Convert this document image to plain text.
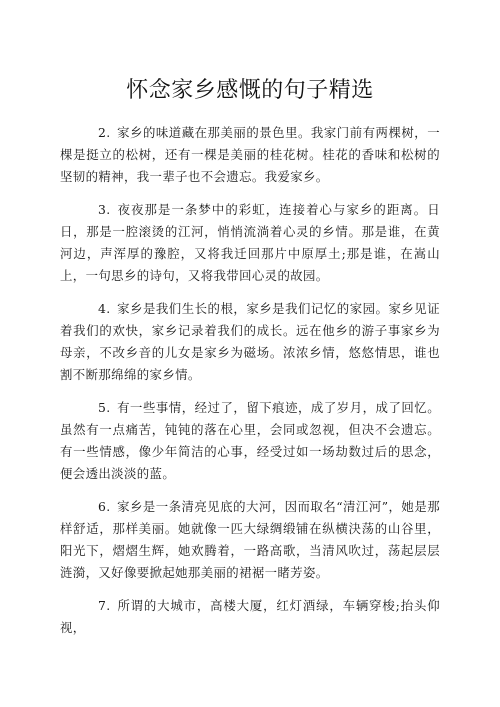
怀念家乡感慨的句子精选

2. 家乡的味道藏在那美丽的景色里。我家门前有两棵树，一棵是挺立的松树，还有一棵是美丽的桂花树。桂花的香味和松树的坚韧的精神，我一辈子也不会遗忘。我爱家乡。

3. 夜夜那是一条梦中的彩虹，连接着心与家乡的距离。日日，那是一腔滚烫的江河，悄悄流淌着心灵的乡情。那是谁，在黄河边，声浑厚的豫腔，又将我迁回那片中原厚土;那是谁，在嵩山上，一句思乡的诗句，又将我带回心灵的故园。

4. 家乡是我们生长的根，家乡是我们记忆的家园。家乡见证着我们的欢快，家乡记录着我们的成长。远在他乡的游子事家乡为母亲，不改乡音的儿女是家乡为磁场。浓浓乡情，悠悠情思，谁也割不断那绵绵的家乡情。

5. 有一些事情，经过了，留下痕迹，成了岁月，成了回忆。虽然有一点痛苦，钝钝的落在心里，会同或忽视，但决不会遗忘。有一些情感，像少年简洁的心事，经受过如一场劫数过后的思念，便会透出淡淡的蓝。

6. 家乡是一条清亮见底的大河，因而取名“清江河”，她是那样舒适，那样美丽。她就像一匹大绿绸缎铺在纵横決荡的山谷里，阳光下，熠熠生辉，她欢腾着，一路高歌，当清风吹过，荡起层层涟漪，又好像要掀起她那美丽的裙裾一睹芳姿。

7. 所谓的大城市，高楼大厦，红灯酒绿，车辆穿梭;抬头仰视，
